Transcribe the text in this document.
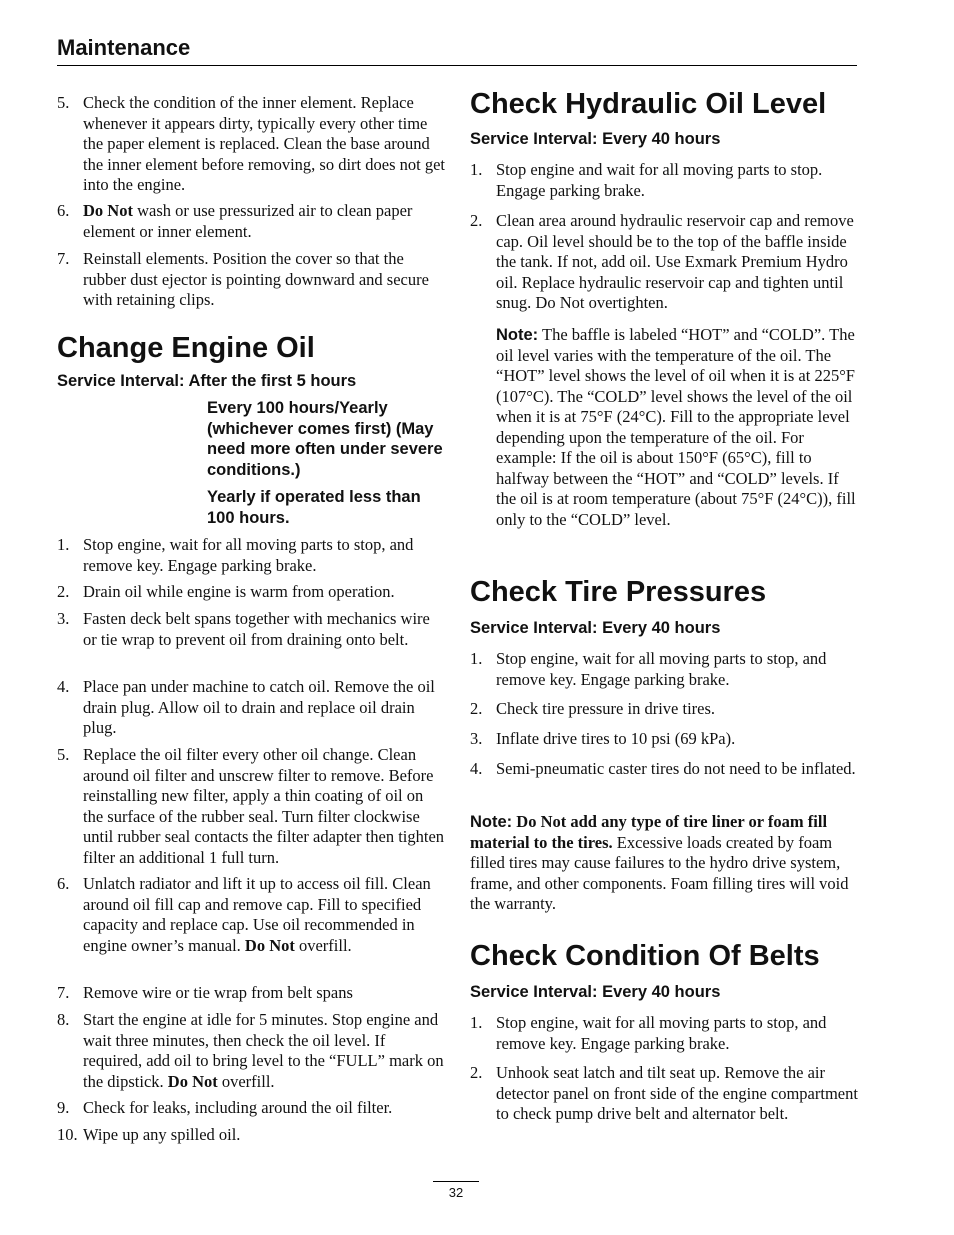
Maintenance
5. Check the condition of the inner element. Replace whenever it appears dirty, typically every other time the paper element is replaced. Clean the base around the inner element before removing, so dirt does not get into the engine.
6. Do Not wash or use pressurized air to clean paper element or inner element.
7. Reinstall elements. Position the cover so that the rubber dust ejector is pointing downward and secure with retaining clips.
Change Engine Oil
Service Interval: After the first 5 hours
Every 100 hours/Yearly (whichever comes first) (May need more often under severe conditions.)
Yearly if operated less than 100 hours.
1. Stop engine, wait for all moving parts to stop, and remove key. Engage parking brake.
2. Drain oil while engine is warm from operation.
3. Fasten deck belt spans together with mechanics wire or tie wrap to prevent oil from draining onto belt.
4. Place pan under machine to catch oil. Remove the oil drain plug. Allow oil to drain and replace oil drain plug.
5. Replace the oil filter every other oil change. Clean around oil filter and unscrew filter to remove. Before reinstalling new filter, apply a thin coating of oil on the surface of the rubber seal. Turn filter clockwise until rubber seal contacts the filter adapter then tighten filter an additional 1 full turn.
6. Unlatch radiator and lift it up to access oil fill. Clean around oil fill cap and remove cap. Fill to specified capacity and replace cap. Use oil recommended in engine owner’s manual. Do Not overfill.
7. Remove wire or tie wrap from belt spans
8. Start the engine at idle for 5 minutes. Stop engine and wait three minutes, then check the oil level. If required, add oil to bring level to the “FULL” mark on the dipstick. Do Not overfill.
9. Check for leaks, including around the oil filter.
10. Wipe up any spilled oil.
Check Hydraulic Oil Level
Service Interval: Every 40 hours
1. Stop engine and wait for all moving parts to stop. Engage parking brake.
2. Clean area around hydraulic reservoir cap and remove cap. Oil level should be to the top of the baffle inside the tank. If not, add oil. Use Exmark Premium Hydro oil. Replace hydraulic reservoir cap and tighten until snug. Do Not overtighten.
Note: The baffle is labeled “HOT” and “COLD”. The oil level varies with the temperature of the oil. The “HOT” level shows the level of oil when it is at 225°F (107°C). The “COLD” level shows the level of the oil when it is at 75°F (24°C). Fill to the appropriate level depending upon the temperature of the oil. For example: If the oil is about 150°F (65°C), fill to halfway between the “HOT” and “COLD” levels. If the oil is at room temperature (about 75°F (24°C)), fill only to the “COLD” level.
Check Tire Pressures
Service Interval: Every 40 hours
1. Stop engine, wait for all moving parts to stop, and remove key. Engage parking brake.
2. Check tire pressure in drive tires.
3. Inflate drive tires to 10 psi (69 kPa).
4. Semi-pneumatic caster tires do not need to be inflated.
Note: Do Not add any type of tire liner or foam fill material to the tires. Excessive loads created by foam filled tires may cause failures to the hydro drive system, frame, and other components. Foam filling tires will void the warranty.
Check Condition Of Belts
Service Interval: Every 40 hours
1. Stop engine, wait for all moving parts to stop, and remove key. Engage parking brake.
2. Unhook seat latch and tilt seat up. Remove the air detector panel on front side of the engine compartment to check pump drive belt and alternator belt.
32
